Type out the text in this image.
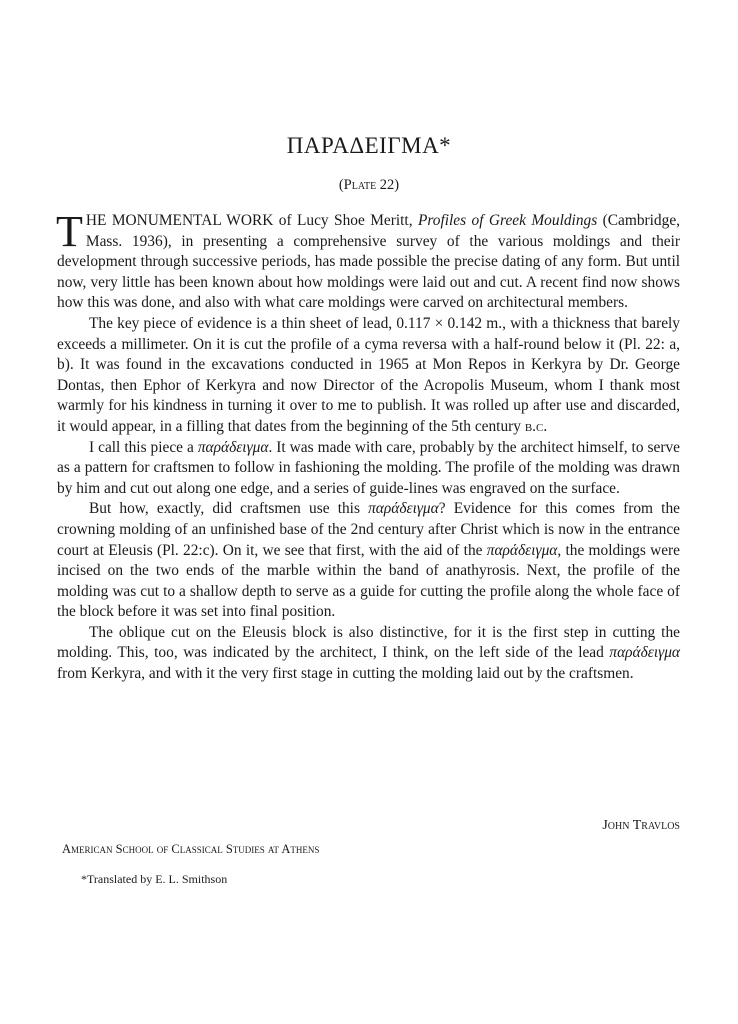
ΠΑΡΑΔΕΙΓΜΑ*
(Plate 22)

THE MONUMENTAL WORK of Lucy Shoe Meritt, Profiles of Greek Mouldings (Cambridge, Mass. 1936), in presenting a comprehensive survey of the various moldings and their development through successive periods, has made possible the precise dating of any form. But until now, very little has been known about how moldings were laid out and cut. A recent find now shows how this was done, and also with what care moldings were carved on architectural members.

The key piece of evidence is a thin sheet of lead, 0.117 × 0.142 m., with a thickness that barely exceeds a millimeter. On it is cut the profile of a cyma reversa with a half-round below it (Pl. 22: a, b). It was found in the excavations conducted in 1965 at Mon Repos in Kerkyra by Dr. George Dontas, then Ephor of Kerkyra and now Director of the Acropolis Museum, whom I thank most warmly for his kindness in turning it over to me to publish. It was rolled up after use and discarded, it would appear, in a filling that dates from the beginning of the 5th century b.c.

I call this piece a παράδειγμα. It was made with care, probably by the architect himself, to serve as a pattern for craftsmen to follow in fashioning the molding. The profile of the molding was drawn by him and cut out along one edge, and a series of guide-lines was engraved on the surface.

But how, exactly, did craftsmen use this παράδειγμα? Evidence for this comes from the crowning molding of an unfinished base of the 2nd century after Christ which is now in the entrance court at Eleusis (Pl. 22:c). On it, we see that first, with the aid of the παράδειγμα, the moldings were incised on the two ends of the marble within the band of anathyrosis. Next, the profile of the molding was cut to a shallow depth to serve as a guide for cutting the profile along the whole face of the block before it was set into final position.

The oblique cut on the Eleusis block is also distinctive, for it is the first step in cutting the molding. This, too, was indicated by the architect, I think, on the left side of the lead παράδειγμα from Kerkyra, and with it the very first stage in cutting the molding laid out by the craftsmen.

John Travlos
American School of Classical Studies at Athens
*Translated by E. L. Smithson
